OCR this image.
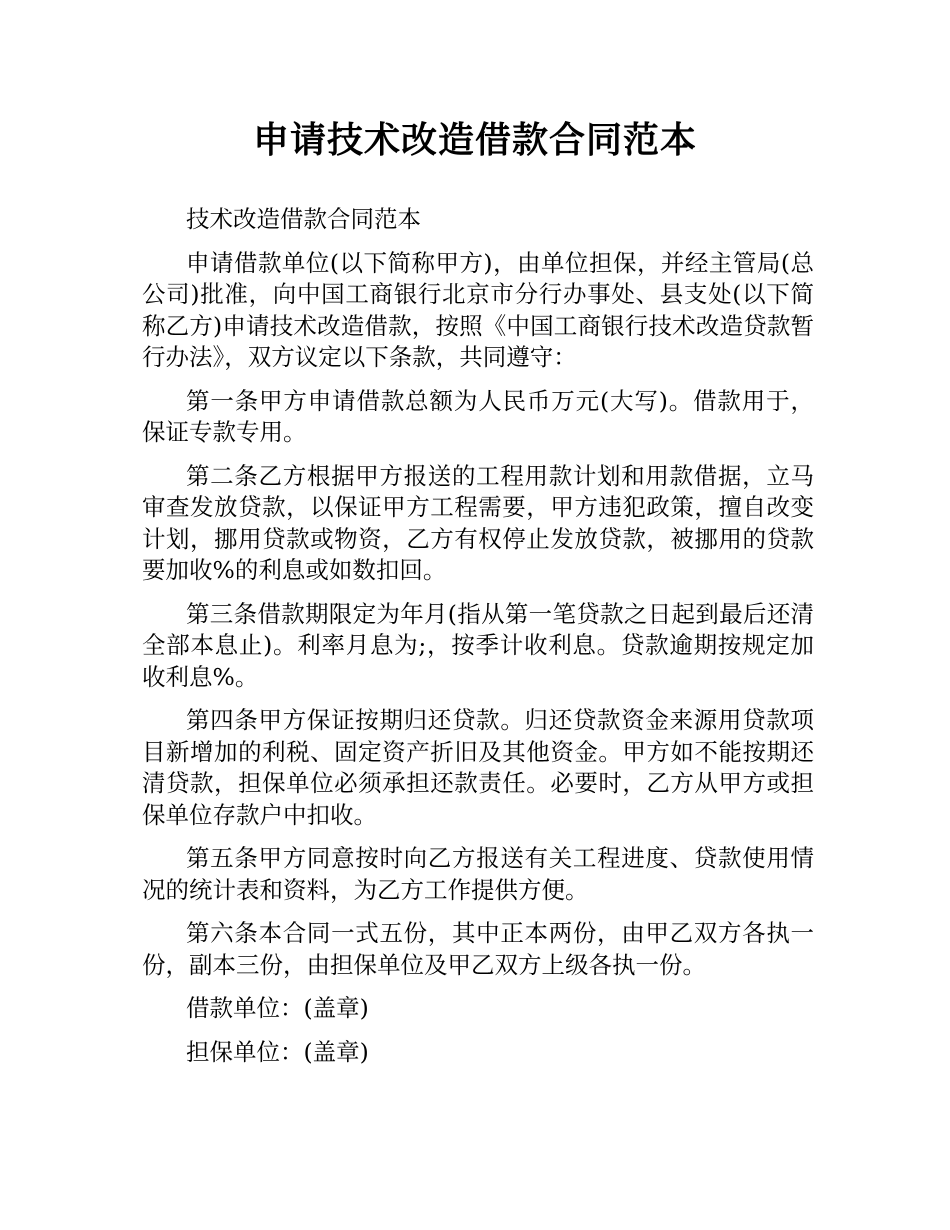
申请技术改造借款合同范本

技术改造借款合同范本

申请借款单位(以下简称甲方)，由单位担保，并经主管局(总公司)批准，向中国工商银行北京市分行办事处、县支处(以下简称乙方)申请技术改造借款，按照《中国工商银行技术改造贷款暂行办法》，双方议定以下条款，共同遵守：

第一条甲方申请借款总额为人民币万元(大写)。借款用于，保证专款专用。

第二条乙方根据甲方报送的工程用款计划和用款借据，立马审查发放贷款，以保证甲方工程需要，甲方违犯政策，擅自改变计划，挪用贷款或物资，乙方有权停止发放贷款，被挪用的贷款要加收%的利息或如数扣回。

第三条借款期限定为年月(指从第一笔贷款之日起到最后还清全部本息止)。利率月息为;，按季计收利息。贷款逾期按规定加收利息%。

第四条甲方保证按期归还贷款。归还贷款资金来源用贷款项目新增加的利税、固定资产折旧及其他资金。甲方如不能按期还清贷款，担保单位必须承担还款责任。必要时，乙方从甲方或担保单位存款户中扣收。

第五条甲方同意按时向乙方报送有关工程进度、贷款使用情况的统计表和资料，为乙方工作提供方便。

第六条本合同一式五份，其中正本两份，由甲乙双方各执一份，副本三份，由担保单位及甲乙双方上级各执一份。

借款单位：(盖章)

担保单位：(盖章)
